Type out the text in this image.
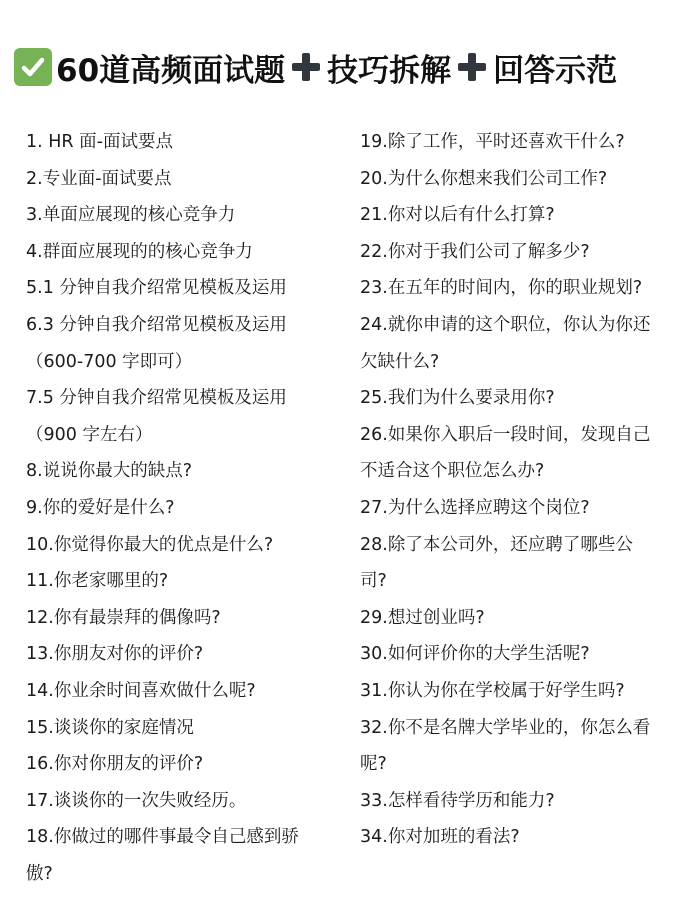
60道高频面试题 技巧拆解 回答示范
1. HR 面-面试要点
2.专业面-面试要点
3.单面应展现的核心竞争力
4.群面应展现的的核心竞争力
5.1 分钟自我介绍常见模板及运用
6.3 分钟自我介绍常见模板及运用
（600-700 字即可）
7.5 分钟自我介绍常见模板及运用
（900 字左右）
8.说说你最大的缺点?
9.你的爱好是什么?
10.你觉得你最大的优点是什么?
11.你老家哪里的?
12.你有最崇拜的偶像吗?
13.你朋友对你的评价?
14.你业余时间喜欢做什么呢?
15.谈谈你的家庭情况
16.你对你朋友的评价?
17.谈谈你的一次失败经历。
18.你做过的哪件事最令自己感到骄
傲?
19.除了工作，平时还喜欢干什么?
20.为什么你想来我们公司工作?
21.你对以后有什么打算?
22.你对于我们公司了解多少?
23.在五年的时间内，你的职业规划?
24.就你申请的这个职位，你认为你还
欠缺什么?
25.我们为什么要录用你?
26.如果你入职后一段时间，发现自己
不适合这个职位怎么办?
27.为什么选择应聘这个岗位?
28.除了本公司外，还应聘了哪些公
司?
29.想过创业吗?
30.如何评价你的大学生活呢?
31.你认为你在学校属于好学生吗?
32.你不是名牌大学毕业的，你怎么看
呢?
33.怎样看待学历和能力?
34.你对加班的看法?
